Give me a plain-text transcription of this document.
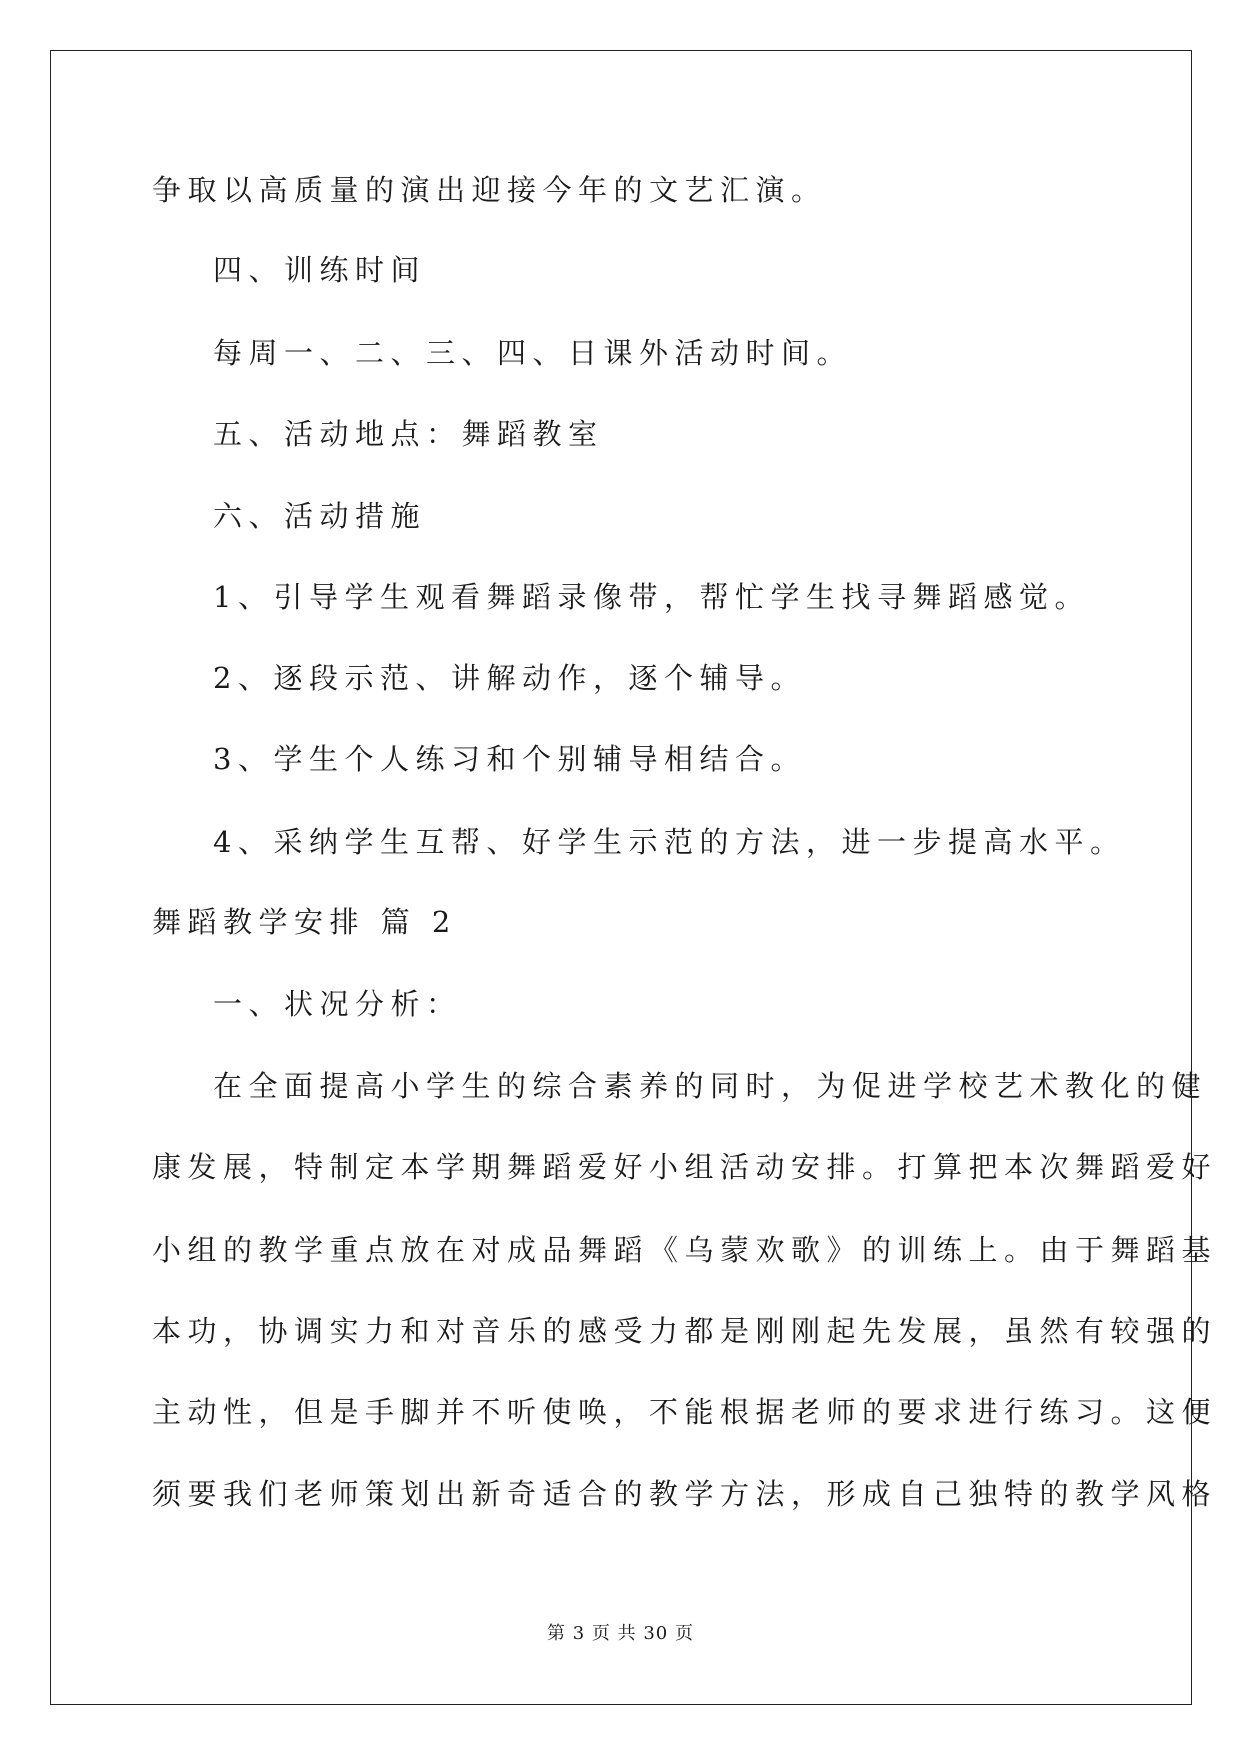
争取以高质量的演出迎接今年的文艺汇演。
四、训练时间
每周一、二、三、四、日课外活动时间。
五、活动地点：舞蹈教室
六、活动措施
1、引导学生观看舞蹈录像带，帮忙学生找寻舞蹈感觉。
2、逐段示范、讲解动作，逐个辅导。
3、学生个人练习和个别辅导相结合。
4、采纳学生互帮、好学生示范的方法，进一步提高水平。
舞蹈教学安排 篇 2
一、状况分析：
在全面提高小学生的综合素养的同时，为促进学校艺术教化的健
康发展，特制定本学期舞蹈爱好小组活动安排。打算把本次舞蹈爱好
小组的教学重点放在对成品舞蹈《乌蒙欢歌》的训练上。由于舞蹈基
本功，协调实力和对音乐的感受力都是刚刚起先发展，虽然有较强的
主动性，但是手脚并不听使唤，不能根据老师的要求进行练习。这便
须要我们老师策划出新奇适合的教学方法，形成自己独特的教学风格
第 3 页 共 30 页
